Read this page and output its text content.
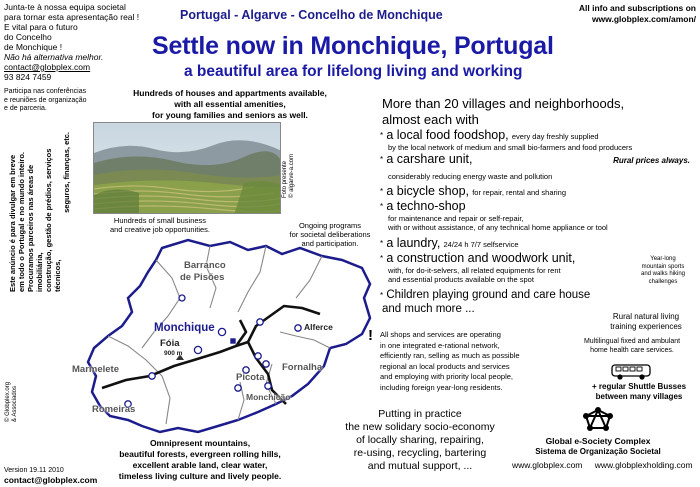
Junta-te à nossa equipa societal
para tornar esta apresentação real !
E vital para o futuro
do Concelho
de Monchique !
Não há alternativa melhor.
contact@globplex.com
93 824 7459
Participa nas conferências
e reuniões de organização
e de parceria.
Portugal - Algarve - Concelho de Monchique	All info and subscriptions on
www.globplex.com/amon/
Settle now in Monchique, Portugal
a beautiful area for lifelong living and working
Hundreds of houses and appartments available,
with all essential amenities,
for young families and seniors as well.
Este anúncio é para divulgar em breve em todo o Portugal e no mundo inteiro. Procuramos parceiros nas áreas de imobiliária, construção, gestão de prédios, serviços técnicos,
seguros, finanças, etc.	Foto presente © algarve-a.com
Hundreds of small business
and creative job opportunities.	Ongoing programs
for societal deliberations
and participation.
Barranco
de Pisões
Monchique
Fóia
900 m
Alferce
Marmelete
Picota
Fornalha
Romeiras
Monchicão
© Globplex.org & Associados
Omnipresent mountains,
beautiful forests, evergreen rolling hills,
excellent arable land, clear water,
timeless living culture and lively people.
Version 19.11 2010
contact@globplex.com
More than 20 villages and neighborhoods,
almost each with
* a local food foodshop, every day freshly supplied
by the local network of medium and small bio-farmers and food producers
* a carshare unit,	Rural prices always.
considerably reducing energy waste and pollution
* a bicycle shop, for repair, rental and sharing
* a techno-shop
for maintenance and repair or self-repair,
with or without assistance, of any technical home appliance or tool
* a laundry, 24/24 h 7/7 selfservice
* a construction and woodwork unit,
with, for do-it-selvers, all related equipments for rent
and essential products available on the spot
* Children playing ground and care house
and much more ...
Year-long
mountain sports
and walks hiking
challenges
Rural natural living
training experiences
Multilingual fixed and ambulant
home health care services.
+ regular Shuttle Busses
between many villages
! All shops and services are operating
in one integrated e-rational network,
efficiently ran, selling as much as possible
regional an local products and services
and employing with priority local people,
including foreign year-long residents.
Putting in practice
the new solidary socio-economy
of locally sharing, repairing,
re-using, recycling, bartering
and mutual support, ...
Global e-Society Complex
Sistema de Organização Societal
www.globplex.com www.globplexholding.com
